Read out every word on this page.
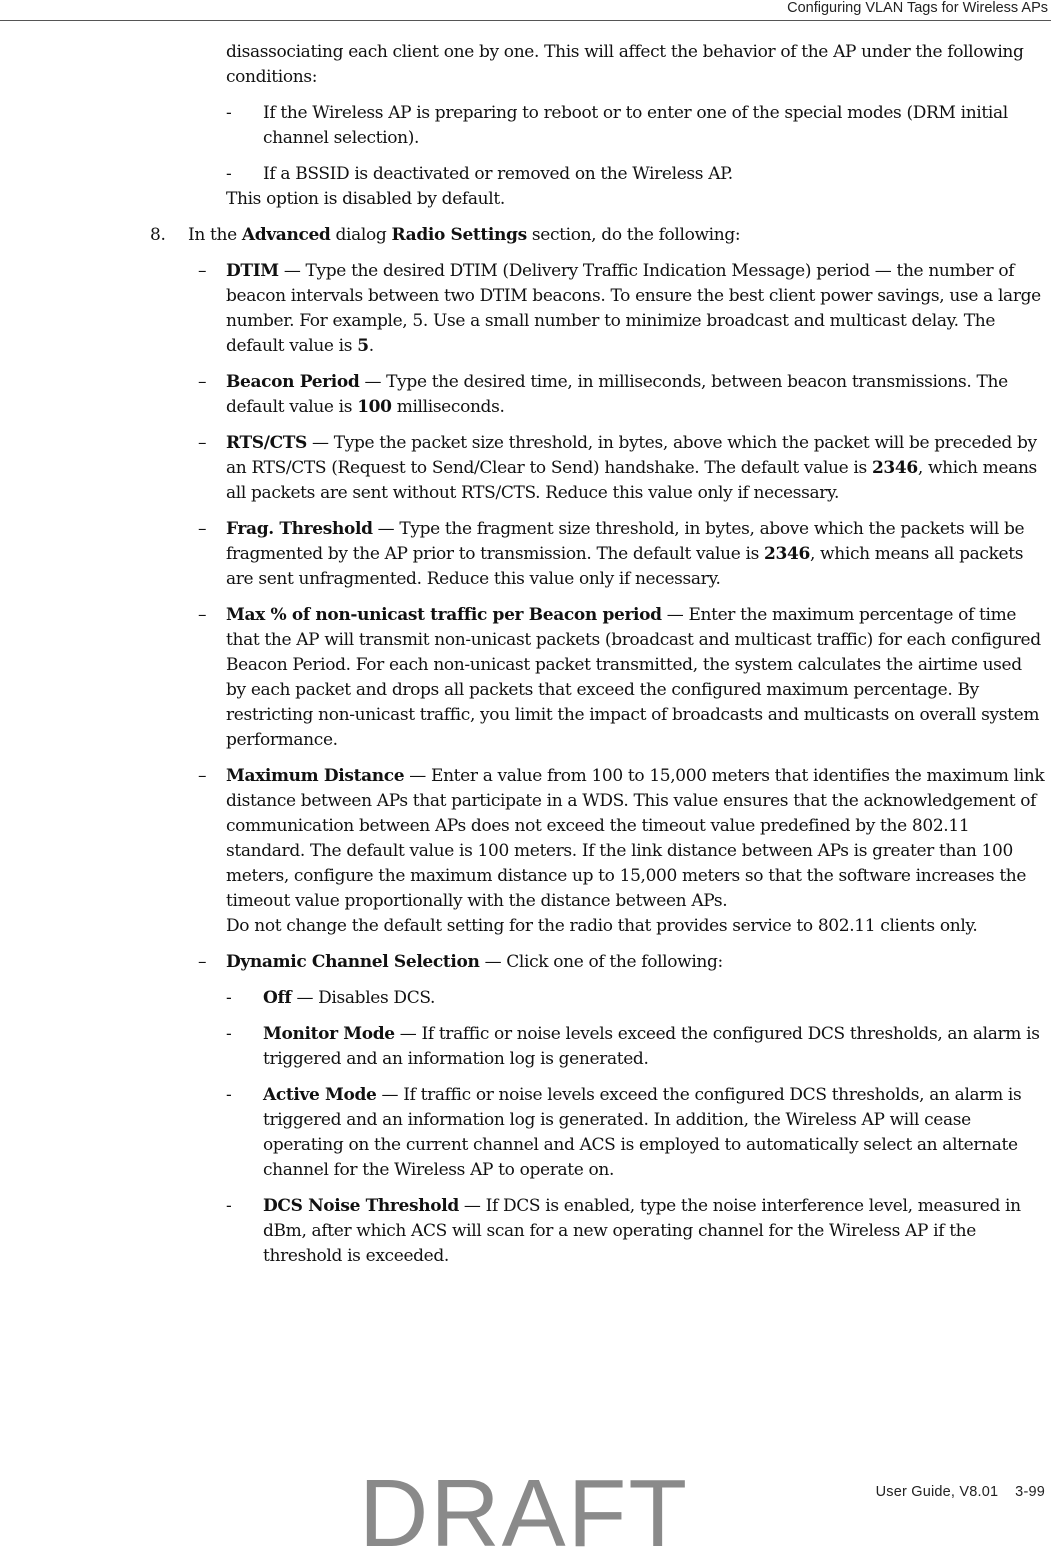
Configuring VLAN Tags for Wireless APs

disassociating each client one by one. This will affect the behavior of the AP under the following conditions:

- If the Wireless AP is preparing to reboot or to enter one of the special modes (DRM initial channel selection).
- If a BSSID is deactivated or removed on the Wireless AP.

This option is disabled by default.

8. In the Advanced dialog Radio Settings section, do the following:
– DTIM — Type the desired DTIM (Delivery Traffic Indication Message) period — the number of beacon intervals between two DTIM beacons. To ensure the best client power savings, use a large number. For example, 5. Use a small number to minimize broadcast and multicast delay. The default value is 5.
– Beacon Period — Type the desired time, in milliseconds, between beacon transmissions. The default value is 100 milliseconds.
– RTS/CTS — Type the packet size threshold, in bytes, above which the packet will be preceded by an RTS/CTS (Request to Send/Clear to Send) handshake. The default value is 2346, which means all packets are sent without RTS/CTS. Reduce this value only if necessary.
– Frag. Threshold — Type the fragment size threshold, in bytes, above which the packets will be fragmented by the AP prior to transmission. The default value is 2346, which means all packets are sent unfragmented. Reduce this value only if necessary.
– Max % of non-unicast traffic per Beacon period — Enter the maximum percentage of time that the AP will transmit non-unicast packets (broadcast and multicast traffic) for each configured Beacon Period. For each non-unicast packet transmitted, the system calculates the airtime used by each packet and drops all packets that exceed the configured maximum percentage. By restricting non-unicast traffic, you limit the impact of broadcasts and multicasts on overall system performance.
– Maximum Distance — Enter a value from 100 to 15,000 meters that identifies the maximum link distance between APs that participate in a WDS. This value ensures that the acknowledgement of communication between APs does not exceed the timeout value predefined by the 802.11 standard. The default value is 100 meters. If the link distance between APs is greater than 100 meters, configure the maximum distance up to 15,000 meters so that the software increases the timeout value proportionally with the distance between APs.

Do not change the default setting for the radio that provides service to 802.11 clients only.

– Dynamic Channel Selection — Click one of the following:
- Off — Disables DCS.
- Monitor Mode — If traffic or noise levels exceed the configured DCS thresholds, an alarm is triggered and an information log is generated.
- Active Mode — If traffic or noise levels exceed the configured DCS thresholds, an alarm is triggered and an information log is generated. In addition, the Wireless AP will cease operating on the current channel and ACS is employed to automatically select an alternate channel for the Wireless AP to operate on.
- DCS Noise Threshold — If DCS is enabled, type the noise interference level, measured in dBm, after which ACS will scan for a new operating channel for the Wireless AP if the threshold is exceeded.
DRAFT	User Guide, V8.01    3-99
